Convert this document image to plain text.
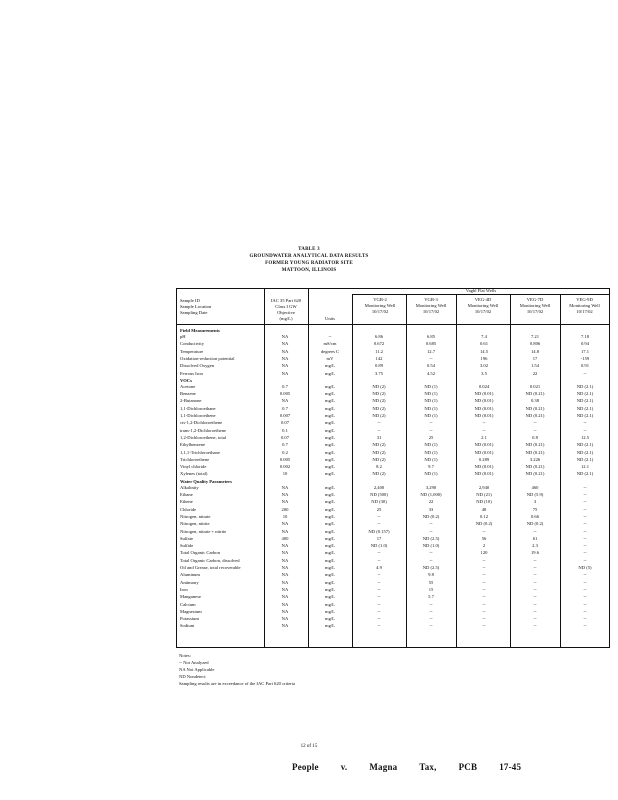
TABLE 3
GROUNDWATER ANALYTICAL DATA RESULTS
FORMER YOUNG RADIATOR SITE
MATTOON, ILLINOIS
Vaghl Flat Wells
Sample ID
Sample Location
Sampling Date
IAC 35 Part 620
Class I GW
Objective
(mg/L)	Units
VGB-2
Monitoring Well
10/17/02
VGB-3
Monitoring Well
10/17/02
VEG-4D
Monitoring Well
10/17/02
VEG-7D
Monitoring Well
10/17/02
VEG-9D
Monitoring Well
10/17/02
Field Measurements
pH	NA	--	6.86	6.85	7.4	7.21	7.18
Conductivity	NA	mS/cm	0.672	0.685	0.61	0.806	0.94
Temperature	NA	degrees C	11.2	12.7	14.5	14.8	17.1
Oxidation-reduction potential	NA	mV	142	--	196	17	-159
Dissolved Oxygen	NA	mg/L	0.89	0.54	3.02	1.54	0.91
Ferrous Iron	NA	mg/L	3.75	4.52	3.5	22	--
VOCs
Acetone	0.7	mg/L	ND (2)	ND (1)	0.024	0.021	ND (2.1)
Benzene	0.005	mg/L	ND (2)	ND (1)	ND (0.01)	ND (0.21)	ND (2.1)
2-Butanone	NA	mg/L	ND (2)	ND (1)	ND (0.01)	0.38	ND (2.1)
1,1-Dichloroethane	0.7	mg/L	ND (2)	ND (1)	ND (0.01)	ND (0.21)	ND (2.1)
1,1-Dichloroethene	0.007	mg/L	ND (2)	ND (1)	ND (0.01)	ND (0.21)	ND (2.1)
cis-1,2-Dichloroethene	0.07	mg/L	--	--	--	--	--
trans-1,2-Dichloroethene	0.1	mg/L	--	--	--	--	--
1,2-Dichloroethene, total	0.07	mg/L	31	25	2.1	0.8	12.5
Ethylbenzene	0.7	mg/L	ND (2)	ND (1)	ND (0.01)	ND (0.21)	ND (2.1)
1,1,1-Trichloroethane	0.2	mg/L	ND (2)	ND (1)	ND (0.01)	ND (0.21)	ND (2.1)
Trichloroethene	0.005	mg/L	ND (2)	ND (1)	0.289	3.226	ND (2.1)
Vinyl chloride	0.002	mg/L	8.2	9.7	ND (0.01)	ND (0.21)	12.1
Xylenes (total)	10	mg/L	ND (2)	ND (1)	ND (0.01)	ND (0.21)	ND (2.1)
Water Quality Parameters
Alkalinity	NA	mg/L	2,400	3,290	2,940	460	--
Ethane	NA	mg/L	ND (500)	ND (1,000)	ND (21)	ND (5.9)	--
Ethene	NA	mg/L	ND (30)	22	ND (10)	3	--
Chloride	200	mg/L	25	33	48	75	--
Nitrogen, nitrate	10	mg/L	--	ND (0.2)	0.12	0.66	--
Nitrogen, nitrite	NA	mg/L	--	--	ND (0.2)	ND (0.2)	--
Nitrogen, nitrate + nitrite	NA	mg/L	ND (0.157)	--	--	--	--
Sulfate	400	mg/L	17	ND (2.5)	56	61	--
Sulfide	NA	mg/L	ND (1.0)	ND (1.0)	2	2.3	--
Total Organic Carbon	NA	mg/L	--	--	120	19.6	--
Total Organic Carbon, dissolved	NA	mg/L	--	--	--	--	--
Oil and Grease, total recoverable	NA	mg/L	4.9	ND (2.5)	--	--	ND (5)
Aluminum	NA	mg/L	--	9.8	--	--	--
Antimony	NA	mg/L	--	55	--	--	--
Iron	NA	mg/L	--	15	--	--	--
Manganese	NA	mg/L	--	5.7	--	--	--
Calcium	NA	mg/L	--	--	--	--	--
Magnesium	NA	mg/L	--	--	--	--	--
Potassium	NA	mg/L	--	--	--	--	--
Sodium	NA	mg/L	--	--	--	--	--
Notes:
-- Not Analyzed
NA Not Applicable
ND Nondetect
Sampling results are in exceedance of the IAC Part 620 criteria
12 of 15
People v. Magna Tax, PCB 17-45
